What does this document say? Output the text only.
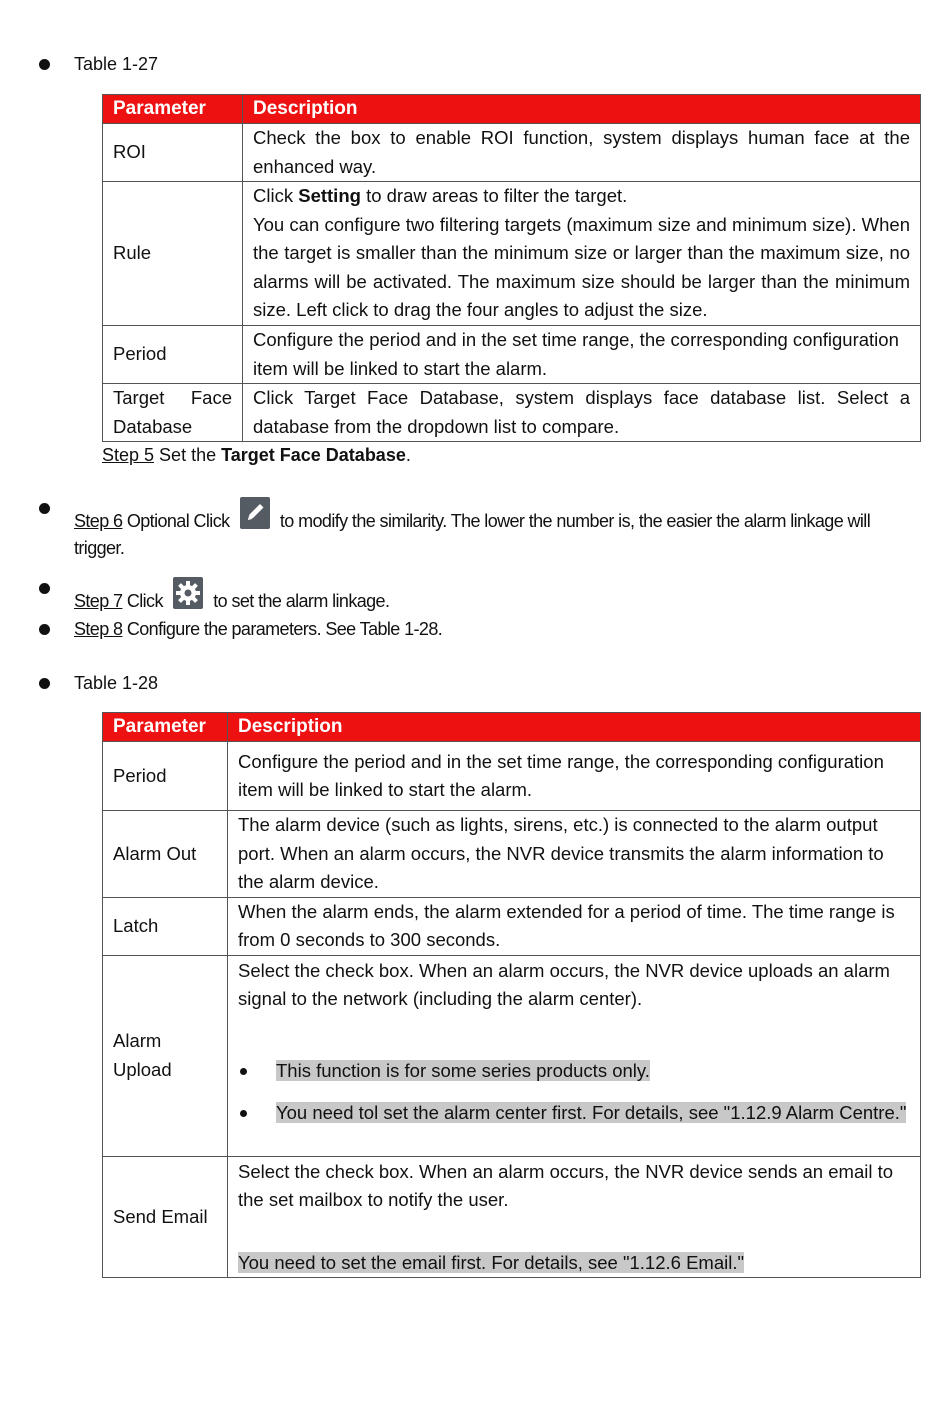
Table 1-27
Parameter	Description
ROI	Check the box to enable ROI function, system displays human face at the enhanced way.
Rule	Click Setting to draw areas to filter the target.
You can configure two filtering targets (maximum size and minimum size). When the target is smaller than the minimum size or larger than the maximum size, no alarms will be activated. The maximum size should be larger than the minimum size. Left click to drag the four angles to adjust the size.
Period	Configure the period and in the set time range, the corresponding configuration item will be linked to start the alarm.
Target Face Database	Click Target Face Database, system displays face database list. Select a database from the dropdown list to compare.
Step 5 Set the Target Face Database.
Step 6 Optional Click	to modify the similarity. The lower the number is, the easier the alarm linkage will
trigger.
Step 7 Click	to set the alarm linkage.
Step 8 Configure the parameters. See Table 1-28.
Table 1-28
Parameter	Description
Period	Configure the period and in the set time range, the corresponding configuration item will be linked to start the alarm.
Alarm Out	The alarm device (such as lights, sirens, etc.) is connected to the alarm output port. When an alarm occurs, the NVR device transmits the alarm information to the alarm device.
Latch	When the alarm ends, the alarm extended for a period of time. The time range is from 0 seconds to 300 seconds.
Alarm Upload	Select the check box. When an alarm occurs, the NVR device uploads an alarm signal to the network (including the alarm center).
This function is for some series products only.
You need tol set the alarm center first. For details, see "1.12.9 Alarm Centre."

Send Email	Select the check box. When an alarm occurs, the NVR device sends an email to the set mailbox to notify the user.
You need to set the email first. For details, see "1.12.6 Email."
